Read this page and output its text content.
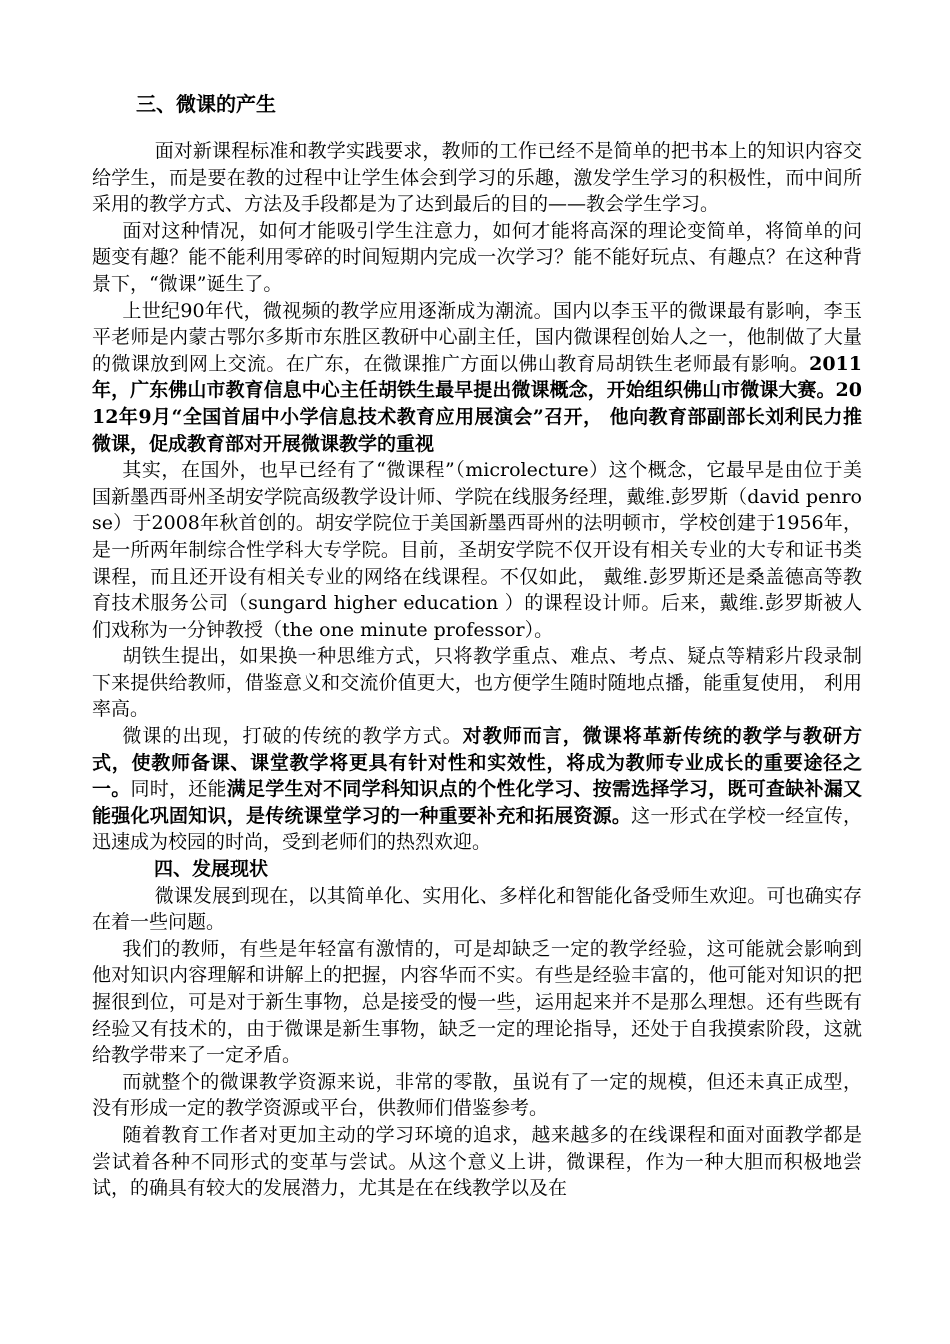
三、微课的产生

面对新课程标准和教学实践要求，教师的工作已经不是简单的把书本上的知识内容交给学生，而是要在教的过程中让学生体会到学习的乐趣，激发学生学习的积极性，而中间所采用的教学方式、方法及手段都是为了达到最后的目的——教会学生学习。

面对这种情况，如何才能吸引学生注意力，如何才能将高深的理论变简单，将简单的问题变有趣？能不能利用零碎的时间短期内完成一次学习？能不能好玩点、有趣点？在这种背景下，“微课”诞生了。

上世纪90年代，微视频的教学应用逐渐成为潮流。国内以李玉平的微课最有影响，李玉平老师是内蒙古鄂尔多斯市东胜区教研中心副主任，国内微课程创始人之一，他制做了大量的微课放到网上交流。在广东，在微课推广方面以佛山教育局胡铁生老师最有影响。2011年，广东佛山市教育信息中心主任胡铁生最早提出微课概念，开始组织佛山市微课大赛。2012年9月“全国首届中小学信息技术教育应用展演会”召开， 他向教育部副部长刘利民力推微课，促成教育部对开展微课教学的重视

其实，在国外，也早已经有了“微课程”（microlecture）这个概念，它最早是由位于美国新墨西哥州圣胡安学院高级教学设计师、学院在线服务经理，戴维.彭罗斯（david penrose）于2008年秋首创的。胡安学院位于美国新墨西哥州的法明顿市，学校创建于1956年，是一所两年制综合性学科大专学院。目前，圣胡安学院不仅开设有相关专业的大专和证书类课程，而且还开设有相关专业的网络在线课程。不仅如此， 戴维.彭罗斯还是桑盖德高等教育技术服务公司（sungard higher education ）的课程设计师。后来，戴维.彭罗斯被人们戏称为一分钟教授（the one minute professor）。

胡铁生提出，如果换一种思维方式，只将教学重点、难点、考点、疑点等精彩片段录制下来提供给教师，借鉴意义和交流价值更大，也方便学生随时随地点播，能重复使用， 利用率高。

微课的出现，打破的传统的教学方式。对教师而言，微课将革新传统的教学与教研方式，使教师备课、课堂教学将更具有针对性和实效性，将成为教师专业成长的重要途径之一。同时，还能满足学生对不同学科知识点的个性化学习、按需选择学习，既可查缺补漏又能强化巩固知识，是传统课堂学习的一种重要补充和拓展资源。这一形式在学校一经宣传，迅速成为校园的时尚，受到老师们的热烈欢迎。

四、发展现状

微课发展到现在，以其简单化、实用化、多样化和智能化备受师生欢迎。可也确实存在着一些问题。

我们的教师，有些是年轻富有激情的，可是却缺乏一定的教学经验，这可能就会影响到他对知识内容理解和讲解上的把握，内容华而不实。有些是经验丰富的，他可能对知识的把握很到位，可是对于新生事物，总是接受的慢一些，运用起来并不是那么理想。还有些既有经验又有技术的，由于微课是新生事物，缺乏一定的理论指导，还处于自我摸索阶段，这就给教学带来了一定矛盾。

而就整个的微课教学资源来说，非常的零散，虽说有了一定的规模，但还未真正成型，没有形成一定的教学资源或平台，供教师们借鉴参考。

随着教育工作者对更加主动的学习环境的追求，越来越多的在线课程和面对面教学都是尝试着各种不同形式的变革与尝试。从这个意义上讲，微课程，作为一种大胆而积极地尝试，的确具有较大的发展潜力，尤其是在在线教学以及在
